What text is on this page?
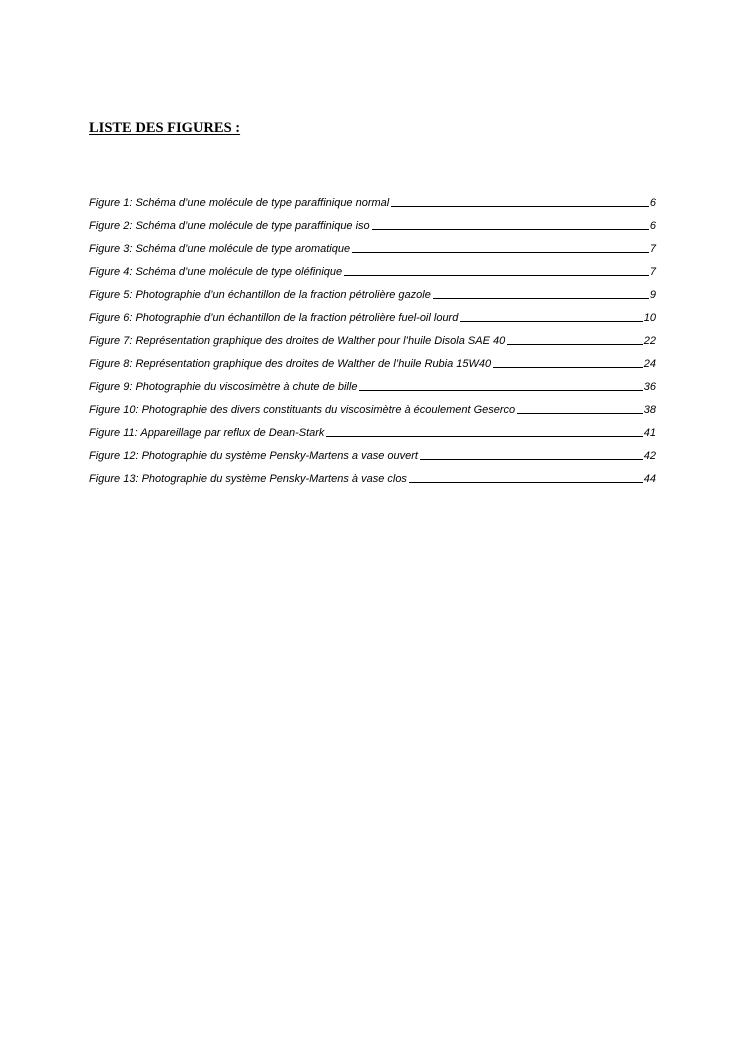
LISTE DES FIGURES :
Figure 1: Schéma d’une molécule de type paraffinique normal	6
Figure 2: Schéma d’une molécule de type paraffinique iso	6
Figure 3: Schéma d’une molécule de type aromatique	7
Figure 4: Schéma d’une molécule de type oléfinique	7
Figure 5: Photographie d’un échantillon de la fraction pétrolière gazole	9
Figure 6: Photographie d’un échantillon de la fraction pétrolière fuel-oil lourd	10
Figure 7: Représentation graphique des droites de Walther pour l’huile Disola SAE 40	22
Figure 8: Représentation graphique des droites de Walther de l’huile Rubia 15W40	24
Figure 9: Photographie du viscosimètre à chute de bille	36
Figure 10: Photographie des divers constituants du viscosimètre à écoulement Geserco	38
Figure 11: Appareillage par reflux de Dean-Stark	41
Figure 12: Photographie du système Pensky-Martens a vase ouvert	42
Figure 13: Photographie du système Pensky-Martens à vase clos	44
